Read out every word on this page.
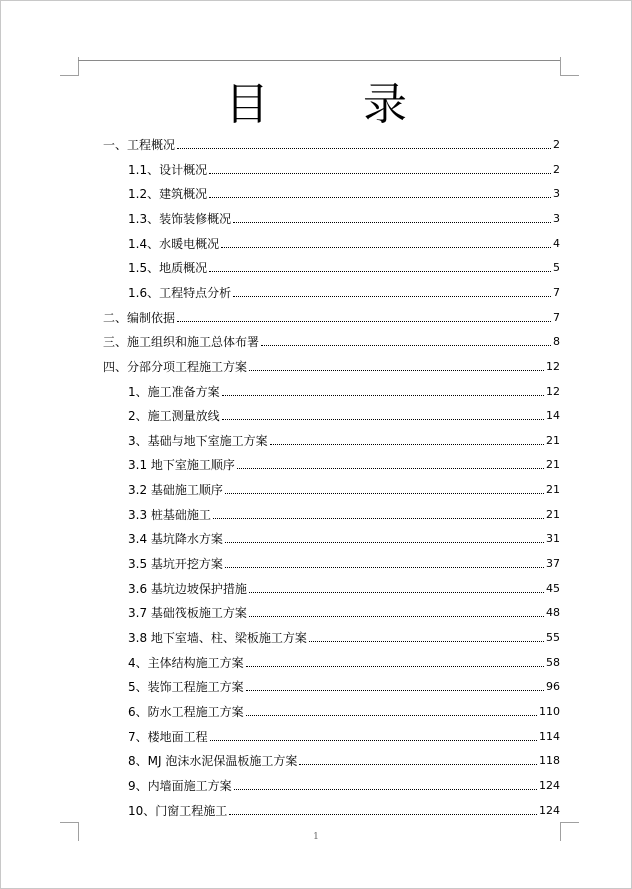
目 录
一、工程概况	2
1.1、设计概况	2
1.2、建筑概况	3
1.3、装饰装修概况	3
1.4、水暖电概况	4
1.5、地质概况	5
1.6、工程特点分析	7
二、编制依据	7
三、施工组织和施工总体布署	8
四、分部分项工程施工方案	12
1、施工准备方案	12
2、施工测量放线	14
3、基础与地下室施工方案	21
3.1 地下室施工顺序	21
3.2 基础施工顺序	21
3.3 桩基础施工	21
3.4 基坑降水方案	31
3.5 基坑开挖方案	37
3.6 基坑边坡保护措施	45
3.7 基础筏板施工方案	48
3.8 地下室墙、柱、梁板施工方案	55
4、主体结构施工方案	58
5、装饰工程施工方案	96
6、防水工程施工方案	110
7、楼地面工程	114
8、MJ 泡沫水泥保温板施工方案	118
9、内墙面施工方案	124
10、门窗工程施工	124
1
